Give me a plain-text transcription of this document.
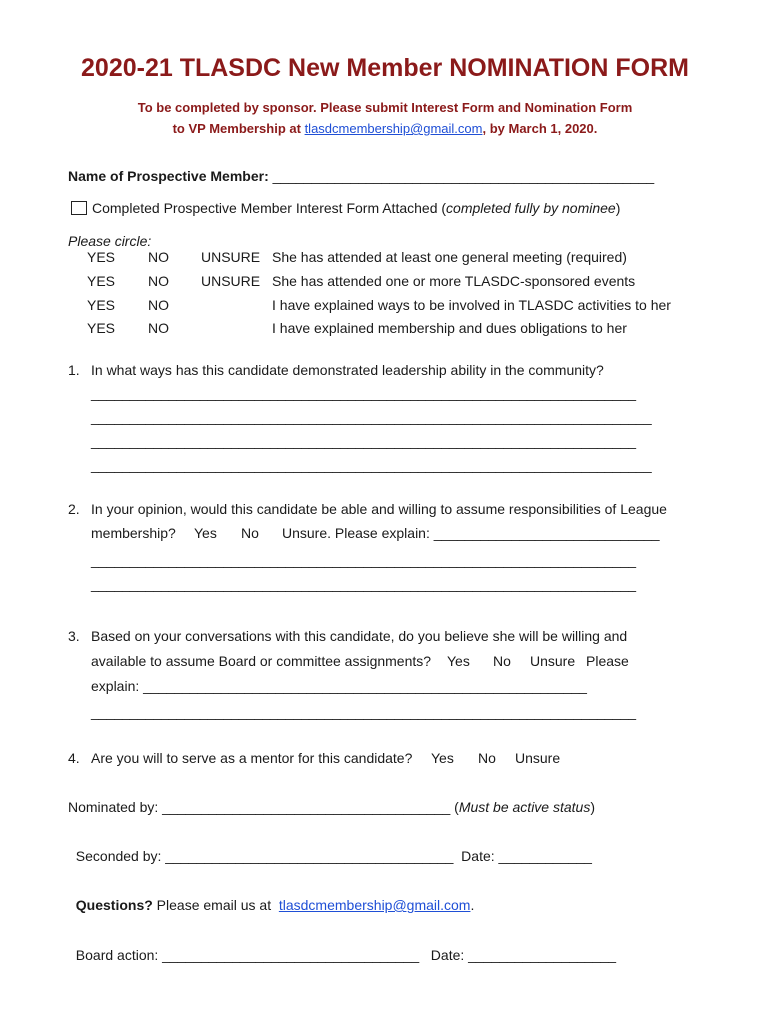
2020-21 TLASDC New Member NOMINATION FORM
To be completed by sponsor. Please submit Interest Form and Nomination Form
to VP Membership at tlasdcmembership@gmail.com, by March 1, 2020.
Name of Prospective Member: _________________________________________________
Completed Prospective Member Interest Form Attached (completed fully by nominee)
Please circle:
YES NO UNSURE She has attended at least one general meeting (required)
YES NO UNSURE She has attended one or more TLASDC-sponsored events
YES NO	I have explained ways to be involved in TLASDC activities to her
YES NO	I have explained membership and dues obligations to her
1. In what ways has this candidate demonstrated leadership ability in the community?
______________________________________________________________________
________________________________________________________________________
______________________________________________________________________
________________________________________________________________________
2. In your opinion, would this candidate be able and willing to assume responsibilities of League
membership? Yes No Unsure. Please explain: _____________________________
______________________________________________________________________
______________________________________________________________________
3. Based on your conversations with this candidate, do you believe she will be willing and
available to assume Board or committee assignments? Yes No Unsure Please
explain: _________________________________________________________
______________________________________________________________________
4. Are you will to serve as a mentor for this candidate? Yes No Unsure
Nominated by: _____________________________________ (Must be active status)

Seconded by: _____________________________________  Date: ____________

Questions? Please email us at  tlasdcmembership@gmail.com.

Board action: _________________________________   Date: ___________________
